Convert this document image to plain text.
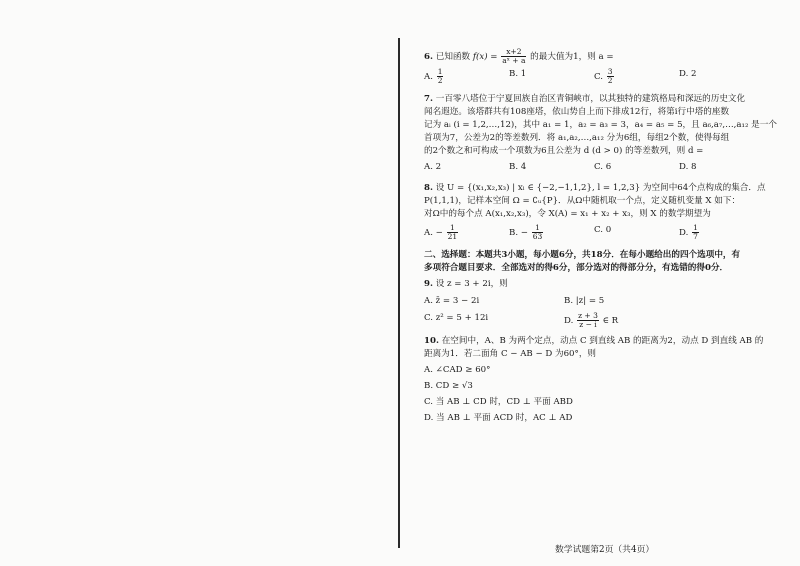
6. 已知函数 $f(x) = \frac{x+2}{\text{aˣ + a}}$ 的最大值为1，则 a =
A. $\frac{1}{2}$	B. 1	C. $\frac{3}{2}$	D. 2
7. 一百零八塔位于宁夏回族自治区青铜峡市，以其独特的建筑格局和深远的历史文化
闻名遐迩。该塔群共有108座塔，依山势自上而下排成12行，将第i行中塔的座数
记为 aᵢ (i = 1,2,…,12)，其中 a₁ = 1，a₂ = a₃ = 3，a₄ = a₅ = 5，且 a₆,a₇,…,a₁₂ 是一个
首项为7，公差为2的等差数列．将 a₁,a₂,…,a₁₂ 分为6组，每组2个数，使得每组
的2个数之和可构成一个项数为6且公差为 d (d > 0) 的等差数列，则 d =
A. 2	B. 4	C. 6	D. 8
8. 设 U = {(x₁,x₂,x₃) | xₗ ∈ {−2,−1,1,2}, l = 1,2,3} 为空间中64个点构成的集合．点
P(1,1,1)，记样本空间 Ω = ∁ᵤ{P}．从Ω中随机取一个点，定义随机变量 X 如下：
对Ω中的每个点 A(x₁,x₂,x₃)，令 X(A) = x₁ + x₂ + x₃，则 X 的数学期望为
A. − $\frac{1}{21}$	B. − $\frac{1}{63}$	C. 0	D. $\frac{1}{7}$
二、选择题：本题共3小题，每小题6分，共18分．在每小题给出的四个选项中，有
多项符合题目要求．全部选对的得6分，部分选对的得部分分，有选错的得0分．
9. 设 z = 3 + 2i，则
A. z̄ = 3 − 2i	B. |z| = 5
C. z² = 5 + 12i	D. $\frac{z + 3}{z - i}$ ∈ R
10. 在空间中，A、B 为两个定点，动点 C 到直线 AB 的距离为2，动点 D 到直线 AB 的
距离为1．若二面角 C − AB − D 为60°，则
A. ∠CAD ≥ 60°
B. CD ≥ √3
C. 当 AB ⊥ CD 时，CD ⊥ 平面 ABD
D. 当 AB ⊥ 平面 ACD 时，AC ⊥ AD
数学试题第2页（共4页）
